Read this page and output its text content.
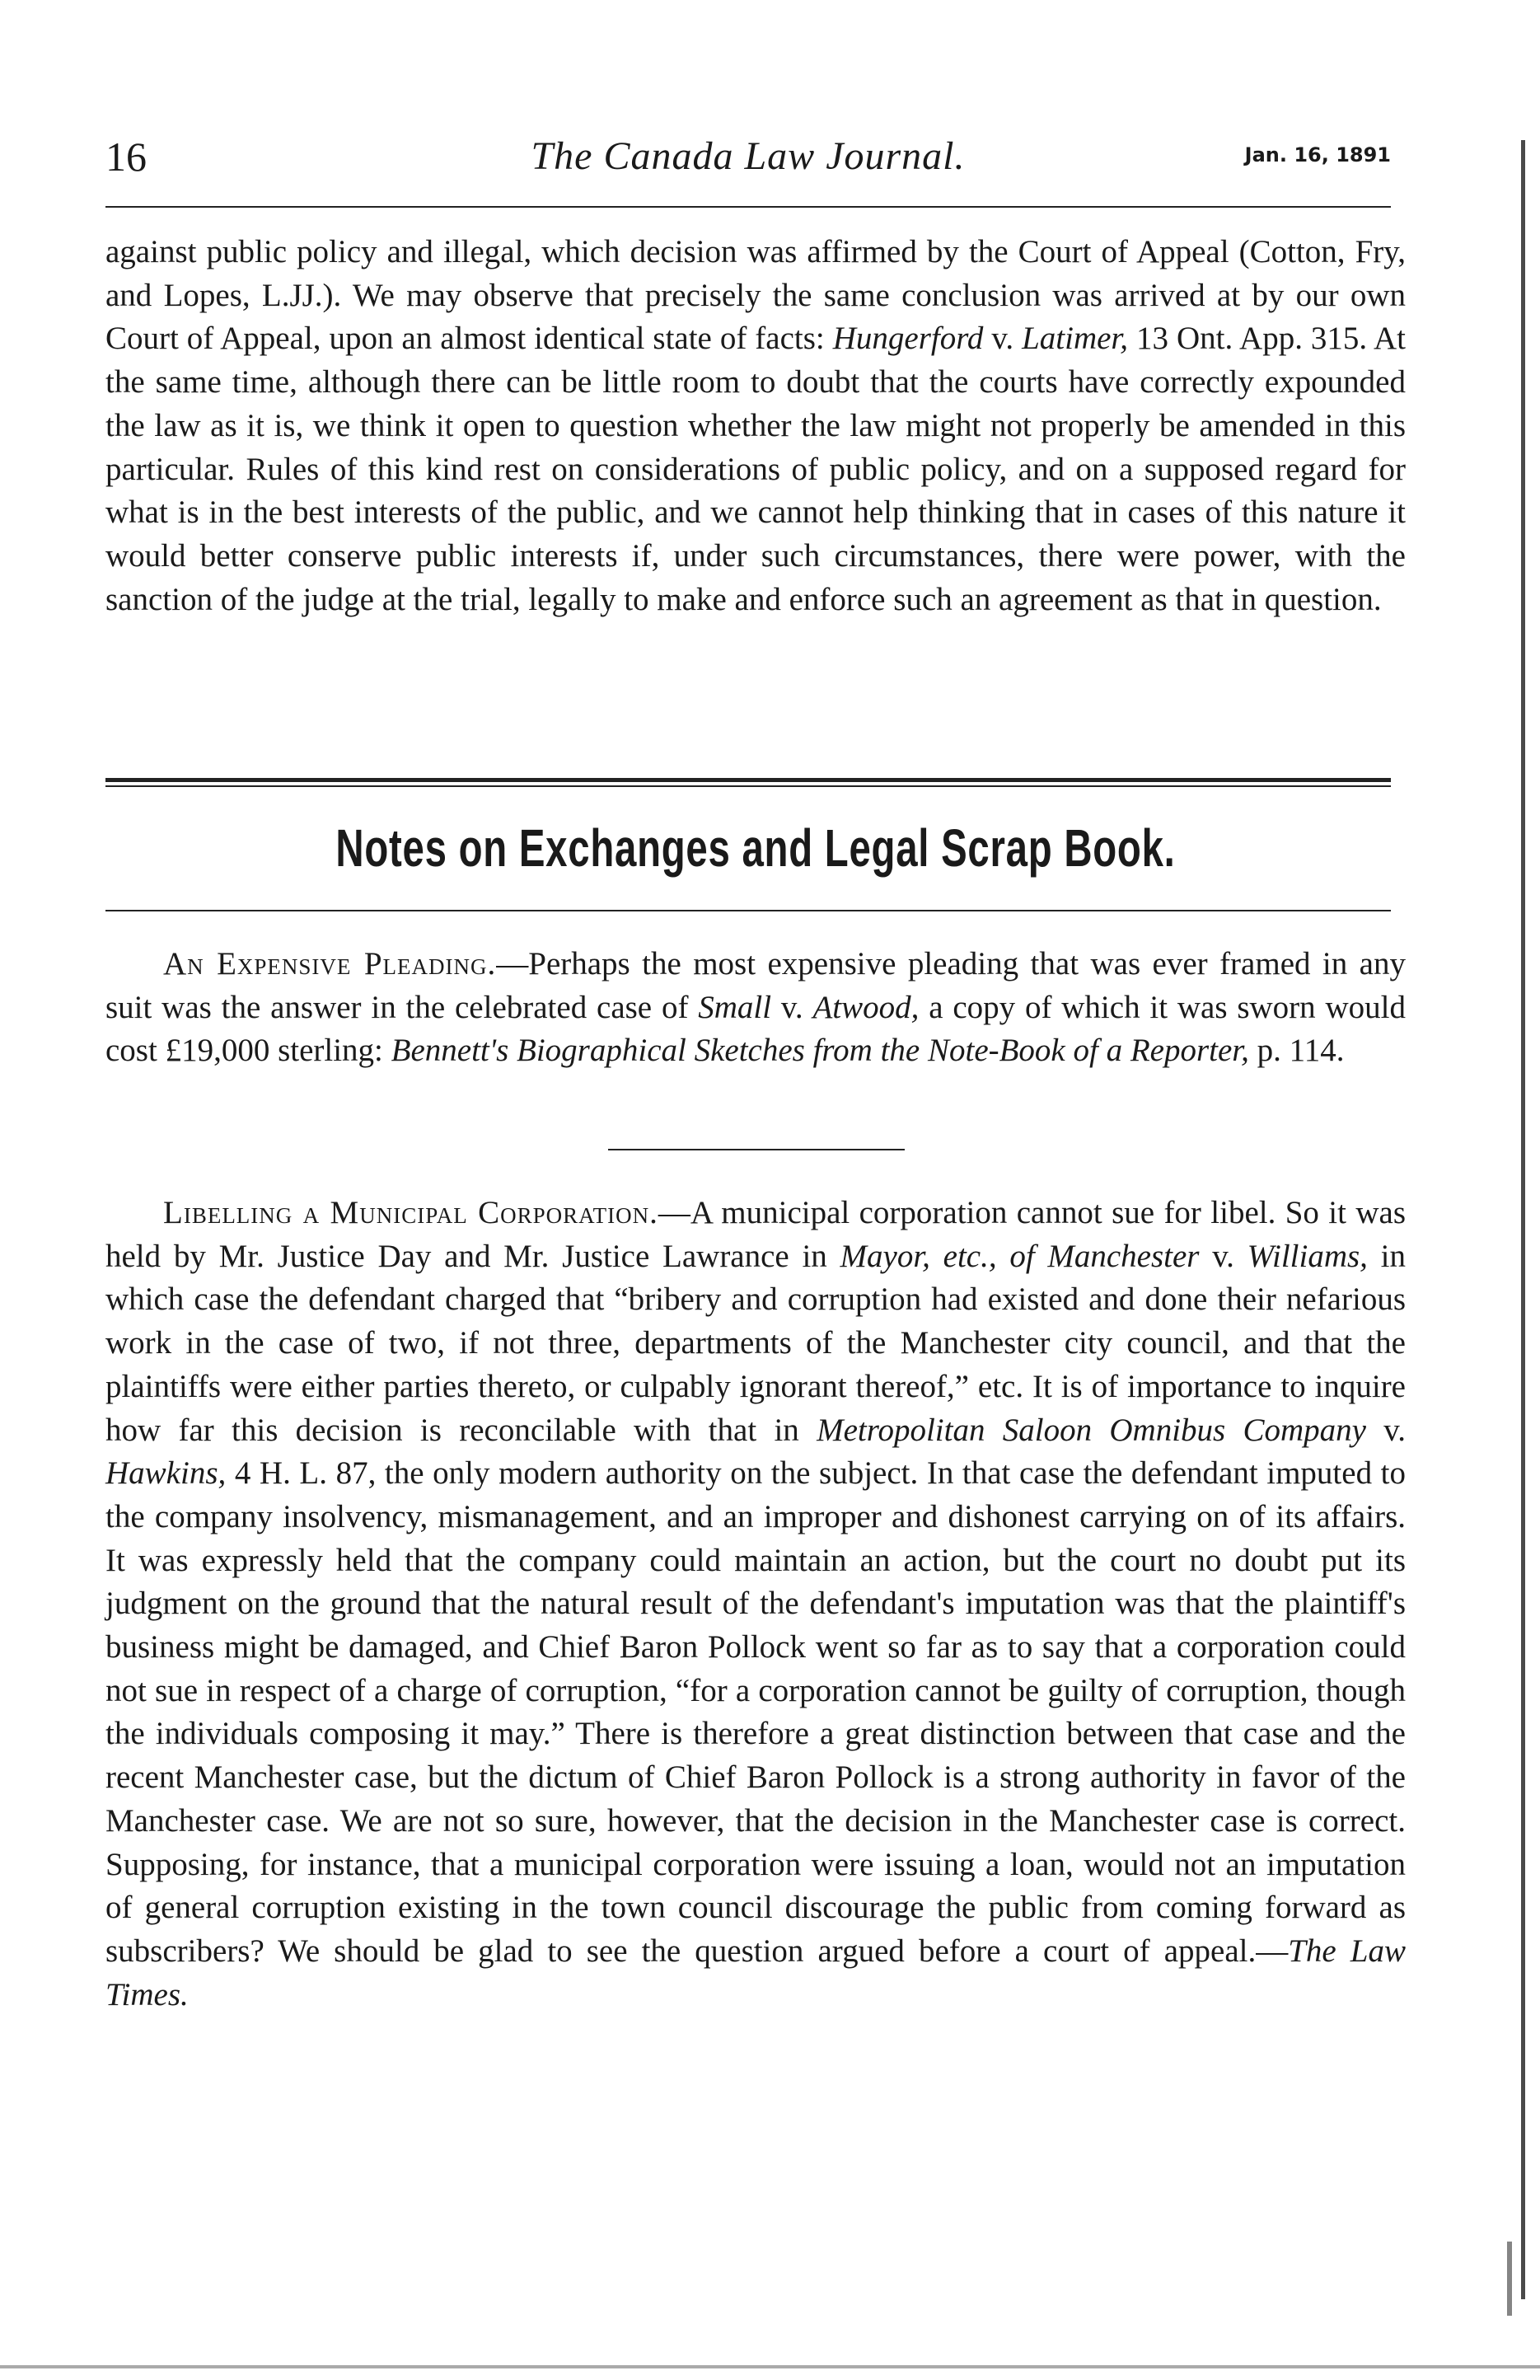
16	The Canada Law Journal.	Jan. 16, 1891

against public policy and illegal, which decision was affirmed by the Court of Appeal (Cotton, Fry, and Lopes, L.JJ.). We may observe that precisely the same conclusion was arrived at by our own Court of Appeal, upon an almost identical state of facts: Hungerford v. Latimer, 13 Ont. App. 315. At the same time, although there can be little room to doubt that the courts have correctly expounded the law as it is, we think it open to question whether the law might not properly be amended in this particular. Rules of this kind rest on considerations of public policy, and on a supposed regard for what is in the best interests of the public, and we cannot help thinking that in cases of this nature it would better conserve public interests if, under such circumstances, there were power, with the sanction of the judge at the trial, legally to make and enforce such an agreement as that in question.

Notes on Exchanges and Legal Scrap Book.

An Expensive Pleading.—Perhaps the most expensive pleading that was ever framed in any suit was the answer in the celebrated case of Small v. Atwood, a copy of which it was sworn would cost £19,000 sterling: Bennett's Biographical Sketches from the Note-Book of a Reporter, p. 114.

Libelling a Municipal Corporation.—A municipal corporation cannot sue for libel. So it was held by Mr. Justice Day and Mr. Justice Lawrance in Mayor, etc., of Manchester v. Williams, in which case the defendant charged that “bribery and corruption had existed and done their nefarious work in the case of two, if not three, departments of the Manchester city council, and that the plaintiffs were either parties thereto, or culpably ignorant thereof,” etc. It is of importance to inquire how far this decision is reconcilable with that in Metropolitan Saloon Omnibus Company v. Hawkins, 4 H. L. 87, the only modern authority on the subject. In that case the defendant imputed to the company insolvency, mismanagement, and an improper and dishonest carrying on of its affairs. It was expressly held that the company could maintain an action, but the court no doubt put its judgment on the ground that the natural result of the defendant's imputation was that the plaintiff's business might be damaged, and Chief Baron Pollock went so far as to say that a corporation could not sue in respect of a charge of corruption, “for a corporation cannot be guilty of corruption, though the individuals composing it may.” There is therefore a great distinction between that case and the recent Manchester case, but the dictum of Chief Baron Pollock is a strong authority in favor of the Manchester case. We are not so sure, however, that the decision in the Manchester case is correct. Supposing, for instance, that a municipal corporation were issuing a loan, would not an imputation of general corruption existing in the town council discourage the public from coming forward as subscribers? We should be glad to see the question argued before a court of appeal.—The Law Times.
